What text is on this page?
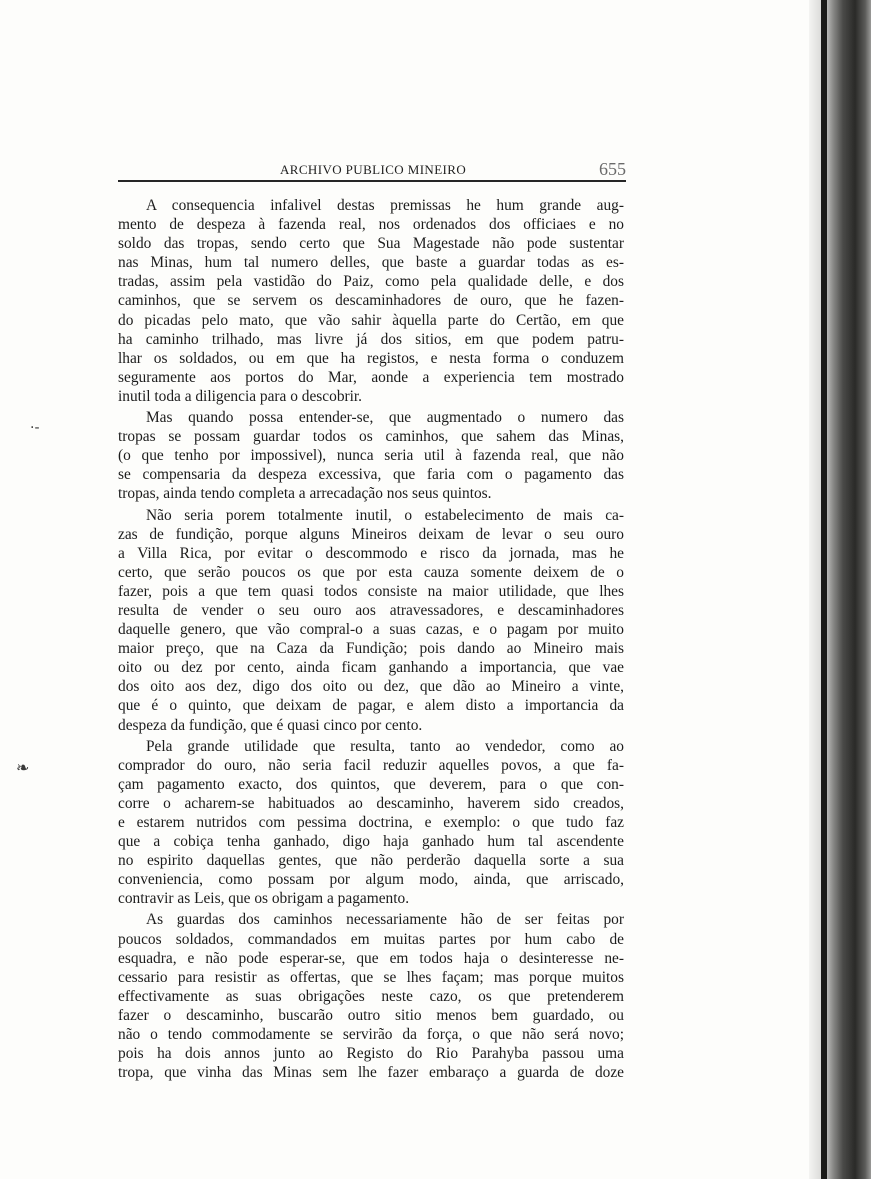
ARCHIVO PUBLICO MINEIRO	655
·-
❧
A consequencia infalivel destas premissas he hum grande aug-
mento de despeza à fazenda real, nos ordenados dos officiaes e no
soldo das tropas, sendo certo que Sua Magestade não pode sustentar
nas Minas, hum tal numero delles, que baste a guardar todas as es-
tradas, assim pela vastidão do Paiz, como pela qualidade delle, e dos
caminhos, que se servem os descaminhadores de ouro, que he fazen-
do picadas pelo mato, que vão sahir àquella parte do Certão, em que
ha caminho trilhado, mas livre já dos sitios, em que podem patru-
lhar os soldados, ou em que ha registos, e nesta forma o conduzem
seguramente aos portos do Mar, aonde a experiencia tem mostrado
inutil toda a diligencia para o descobrir.
Mas quando possa entender-se, que augmentado o numero das
tropas se possam guardar todos os caminhos, que sahem das Minas,
(o que tenho por impossivel), nunca seria util à fazenda real, que não
se compensaria da despeza excessiva, que faria com o pagamento das
tropas, ainda tendo completa a arrecadação nos seus quintos.
Não seria porem totalmente inutil, o estabelecimento de mais ca-
zas de fundição, porque alguns Mineiros deixam de levar o seu ouro
a Villa Rica, por evitar o descommodo e risco da jornada, mas he
certo, que serão poucos os que por esta cauza somente deixem de o
fazer, pois a que tem quasi todos consiste na maior utilidade, que lhes
resulta de vender o seu ouro aos atravessadores, e descaminhadores
daquelle genero, que vão compral-o a suas cazas, e o pagam por muito
maior preço, que na Caza da Fundição; pois dando ao Mineiro mais
oito ou dez por cento, ainda ficam ganhando a importancia, que vae
dos oito aos dez, digo dos oito ou dez, que dão ao Mineiro a vinte,
que é o quinto, que deixam de pagar, e alem disto a importancia da
despeza da fundição, que é quasi cinco por cento.
Pela grande utilidade que resulta, tanto ao vendedor, como ao
comprador do ouro, não seria facil reduzir aquelles povos, a que fa-
çam pagamento exacto, dos quintos, que deverem, para o que con-
corre o acharem-se habituados ao descaminho, haverem sido creados,
e estarem nutridos com pessima doctrina, e exemplo: o que tudo faz
que a cobiça tenha ganhado, digo haja ganhado hum tal ascendente
no espirito daquellas gentes, que não perderão daquella sorte a sua
conveniencia, como possam por algum modo, ainda, que arriscado,
contravir as Leis, que os obrigam a pagamento.
As guardas dos caminhos necessariamente hão de ser feitas por
poucos soldados, commandados em muitas partes por hum cabo de
esquadra, e não pode esperar-se, que em todos haja o desinteresse ne-
cessario para resistir as offertas, que se lhes façam; mas porque muitos
effectivamente as suas obrigações neste cazo, os que pretenderem
fazer o descaminho, buscarão outro sitio menos bem guardado, ou
não o tendo commodamente se servirão da força, o que não será novo;
pois ha dois annos junto ao Registo do Rio Parahyba passou uma
tropa, que vinha das Minas sem lhe fazer embaraço a guarda de doze
